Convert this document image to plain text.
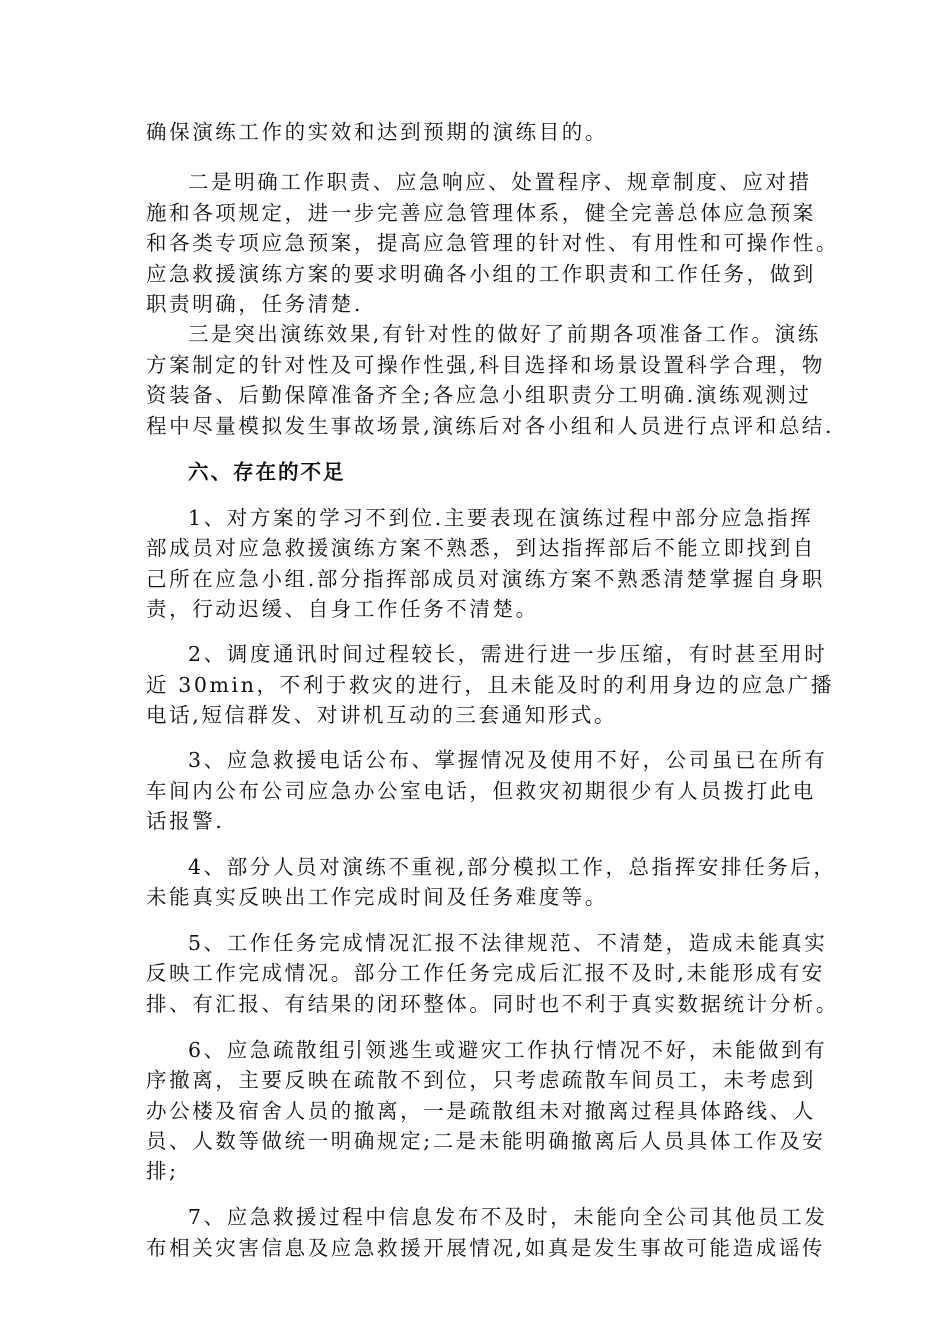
确保演练工作的实效和达到预期的演练目的。

二是明确工作职责、应急响应、处置程序、规章制度、应对措

施和各项规定，进一步完善应急管理体系，健全完善总体应急预案

和各类专项应急预案，提高应急管理的针对性、有用性和可操作性。

应急救援演练方案的要求明确各小组的工作职责和工作任务，做到

职责明确，任务清楚.

三是突出演练效果,有针对性的做好了前期各项准备工作。演练

方案制定的针对性及可操作性强,科目选择和场景设置科学合理，物

资装备、后勤保障准备齐全;各应急小组职责分工明确.演练观测过

程中尽量模拟发生事故场景,演练后对各小组和人员进行点评和总结.

六、存在的不足

1、对方案的学习不到位.主要表现在演练过程中部分应急指挥

部成员对应急救援演练方案不熟悉，到达指挥部后不能立即找到自

己所在应急小组.部分指挥部成员对演练方案不熟悉清楚掌握自身职

责，行动迟缓、自身工作任务不清楚。

2、调度通讯时间过程较长，需进行进一步压缩，有时甚至用时

近 30min，不利于救灾的进行，且未能及时的利用身边的应急广播

电话,短信群发、对讲机互动的三套通知形式。

3、应急救援电话公布、掌握情况及使用不好，公司虽已在所有

车间内公布公司应急办公室电话，但救灾初期很少有人员拨打此电

话报警.

4、部分人员对演练不重视,部分模拟工作，总指挥安排任务后，

未能真实反映出工作完成时间及任务难度等。

5、工作任务完成情况汇报不法律规范、不清楚，造成未能真实

反映工作完成情况。部分工作任务完成后汇报不及时,未能形成有安

排、有汇报、有结果的闭环整体。同时也不利于真实数据统计分析。

6、应急疏散组引领逃生或避灾工作执行情况不好，未能做到有

序撤离，主要反映在疏散不到位，只考虑疏散车间员工，未考虑到

办公楼及宿舍人员的撤离，一是疏散组未对撤离过程具体路线、人

员、人数等做统一明确规定;二是未能明确撤离后人员具体工作及安

排;

7、应急救援过程中信息发布不及时，未能向全公司其他员工发

布相关灾害信息及应急救援开展情况,如真是发生事故可能造成谣传
